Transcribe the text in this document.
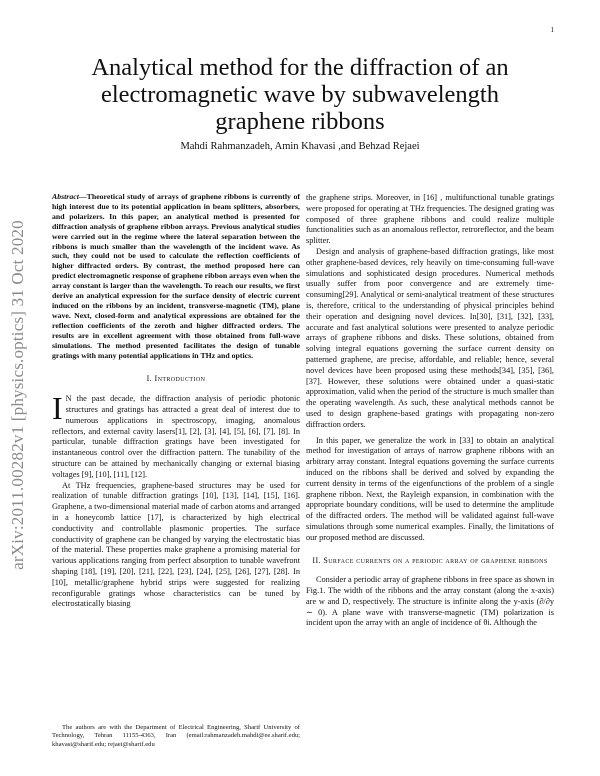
1
arXiv:2011.00282v1 [physics.optics] 31 Oct 2020
Analytical method for the diffraction of an electromagnetic wave by subwavelength graphene ribbons
Mahdi Rahmanzadeh, Amin Khavasi ,and Behzad Rejaei
Abstract—Theoretical study of arrays of graphene ribbons is currently of high interest due to its potential application in beam splitters, absorbers, and polarizers. In this paper, an analytical method is presented for diffraction analysis of graphene ribbon arrays. Previous analytical studies were carried out in the regime where the lateral separation between the ribbons is much smaller than the wavelength of the incident wave. As such, they could not be used to calculate the reflection coefficients of higher diffracted orders. By contrast, the method proposed here can predict electromagnetic response of graphene ribbon arrays even when the array constant is larger than the wavelength. To reach our results, we first derive an analytical expression for the surface density of electric current induced on the ribbons by an incident, transverse-magnetic (TM), plane wave. Next, closed-form and analytical expressions are obtained for the reflection coefficients of the zeroth and higher diffracted orders. The results are in excellent agreement with those obtained from full-wave simulations. The method presented facilitates the design of tunable gratings with many potential applications in THz and optics.
I. Introduction

I N the past decade, the diffraction analysis of periodic photonic structures and gratings has attracted a great deal of interest due to numerous applications in spectroscopy, imaging, anomalous reflectors, and external cavity lasers[1], [2], [3], [4], [5], [6], [7], [8]. In particular, tunable diffraction gratings have been investigated for instantaneous control over the diffraction pattern. The tunability of the structure can be attained by mechanically changing or external biasing voltages [9], [10], [11], [12].

At THz frequencies, graphene-based structures may be used for realization of tunable diffraction gratings [10], [13], [14], [15], [16]. Graphene, a two-dimensional material made of carbon atoms and arranged in a honeycomb lattice [17], is characterized by high electrical conductivity and controllable plasmonic properties. The surface conductivity of graphene can be changed by varying the electrostatic bias of the material. These properties make graphene a promising material for various applications ranging from perfect absorption to tunable wavefront shaping [18], [19], [20], [21], [22], [23], [24], [25], [26], [27], [28]. In [10], metallic/graphene hybrid strips were suggested for realizing reconfigurable gratings whose characteristics can be tuned by electrostatically biasing

The authors are with the Department of Electrical Engineering, Sharif University of Technology, Tehran 11155-4363, Iran (email:rahmanzadeh.mahdi@ee.sharif.edu; khavasi@sharif.edu; rejaei@sharif.edu

the graphene strips. Moreover, in [16] , multifunctional tunable gratings were proposed for operating at THz frequencies. The designed grating was composed of three graphene ribbons and could realize multiple functionalities such as an anomalous reflector, retroreflector, and the beam splitter.

Design and analysis of graphene-based diffraction gratings, like most other graphene-based devices, rely heavily on time-consuming full-wave simulations and sophisticated design procedures. Numerical methods usually suffer from poor convergence and are extremely time-consuming[29]. Analytical or semi-analytical treatment of these structures is, therefore, critical to the understanding of physical principles behind their operation and designing novel devices. In[30], [31], [32], [33], accurate and fast analytical solutions were presented to analyze periodic arrays of graphene ribbons and disks. These solutions, obtained from solving integral equations governing the surface current density on patterned graphene, are precise, affordable, and reliable; hence, several novel devices have been proposed using these methods[34], [35], [36], [37]. However, these solutions were obtained under a quasi-static approximation, valid when the period of the structure is much smaller than the operating wavelength. As such, these analytical methods cannot be used to design graphene-based gratings with propagating non-zero diffraction orders.

In this paper, we generalize the work in [33] to obtain an analytical method for investigation of arrays of narrow graphene ribbons with an arbitrary array constant. Integral equations governing the surface currents induced on the ribbons shall be derived and solved by expanding the current density in terms of the eigenfunctions of the problem of a single graphene ribbon. Next, the Rayleigh expansion, in combination with the appropriate boundary conditions, will be used to determine the amplitude of the diffracted orders. The method will be validated against full-wave simulations through some numerical examples. Finally, the limitations of our proposed method are discussed.

II. Surface currents on a periodic array of graphene ribbons

Consider a periodic array of graphene ribbons in free space as shown in Fig.1. The width of the ribbons and the array constant (along the x-axis) are w and D, respectively. The structure is infinite along the y-axis (∂/∂y ∼ 0). A plane wave with transverse-magnetic (TM) polarization is incident upon the array with an angle of incidence of θi. Although the
